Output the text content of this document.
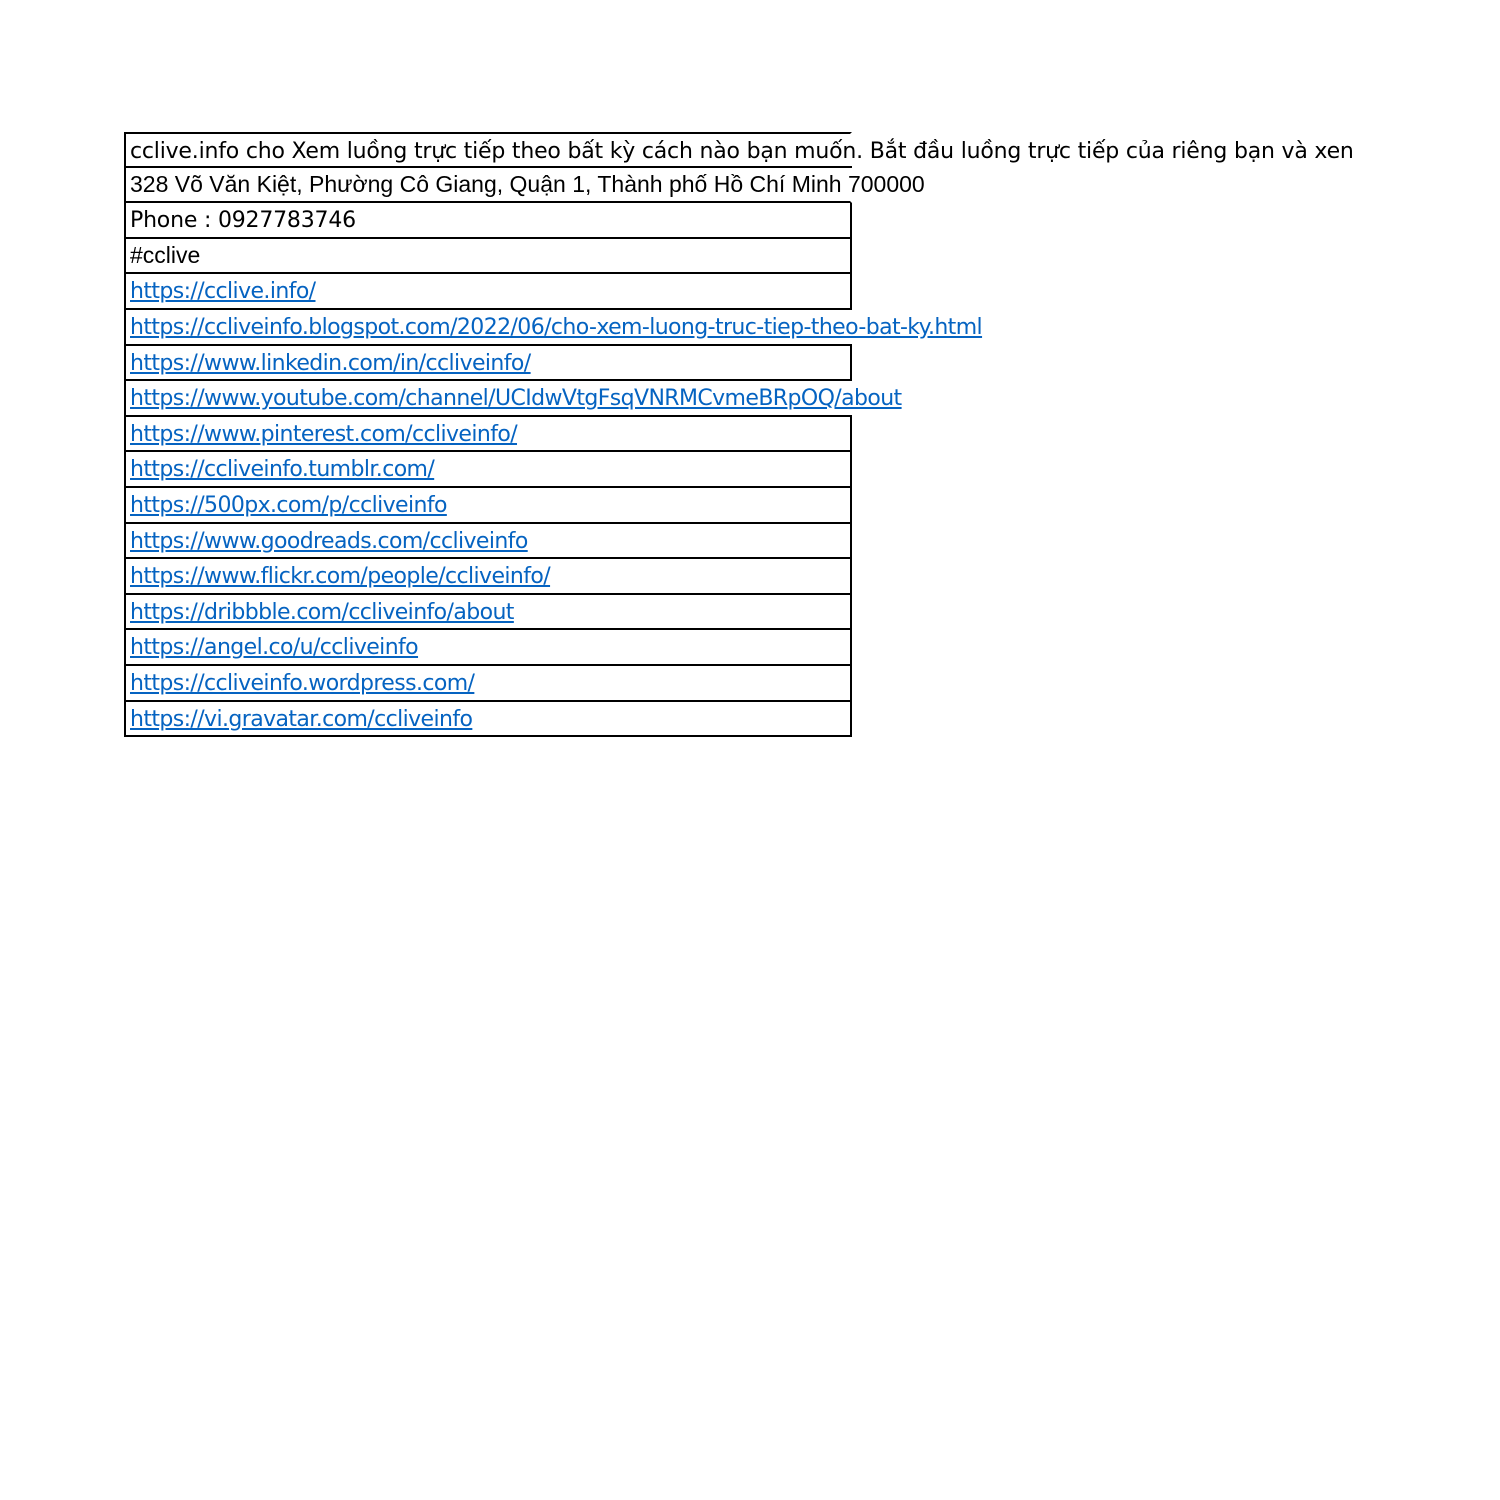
cclive.info cho Xem luồng trực tiếp theo bất kỳ cách nào bạn muốn. Bắt đầu luồng trực tiếp của riêng bạn và xen
328 Võ Văn Kiệt, Phường Cô Giang, Quận 1, Thành phố Hồ Chí Minh 700000
Phone : 0927783746
#cclive
https://cclive.info/
https://ccliveinfo.blogspot.com/2022/06/cho-xem-luong-truc-tiep-theo-bat-ky.html
https://www.linkedin.com/in/ccliveinfo/
https://www.youtube.com/channel/UCIdwVtgFsqVNRMCvmeBRpOQ/about
https://www.pinterest.com/ccliveinfo/
https://ccliveinfo.tumblr.com/
https://500px.com/p/ccliveinfo
https://www.goodreads.com/ccliveinfo
https://www.flickr.com/people/ccliveinfo/
https://dribbble.com/ccliveinfo/about
https://angel.co/u/ccliveinfo
https://ccliveinfo.wordpress.com/
https://vi.gravatar.com/ccliveinfo
